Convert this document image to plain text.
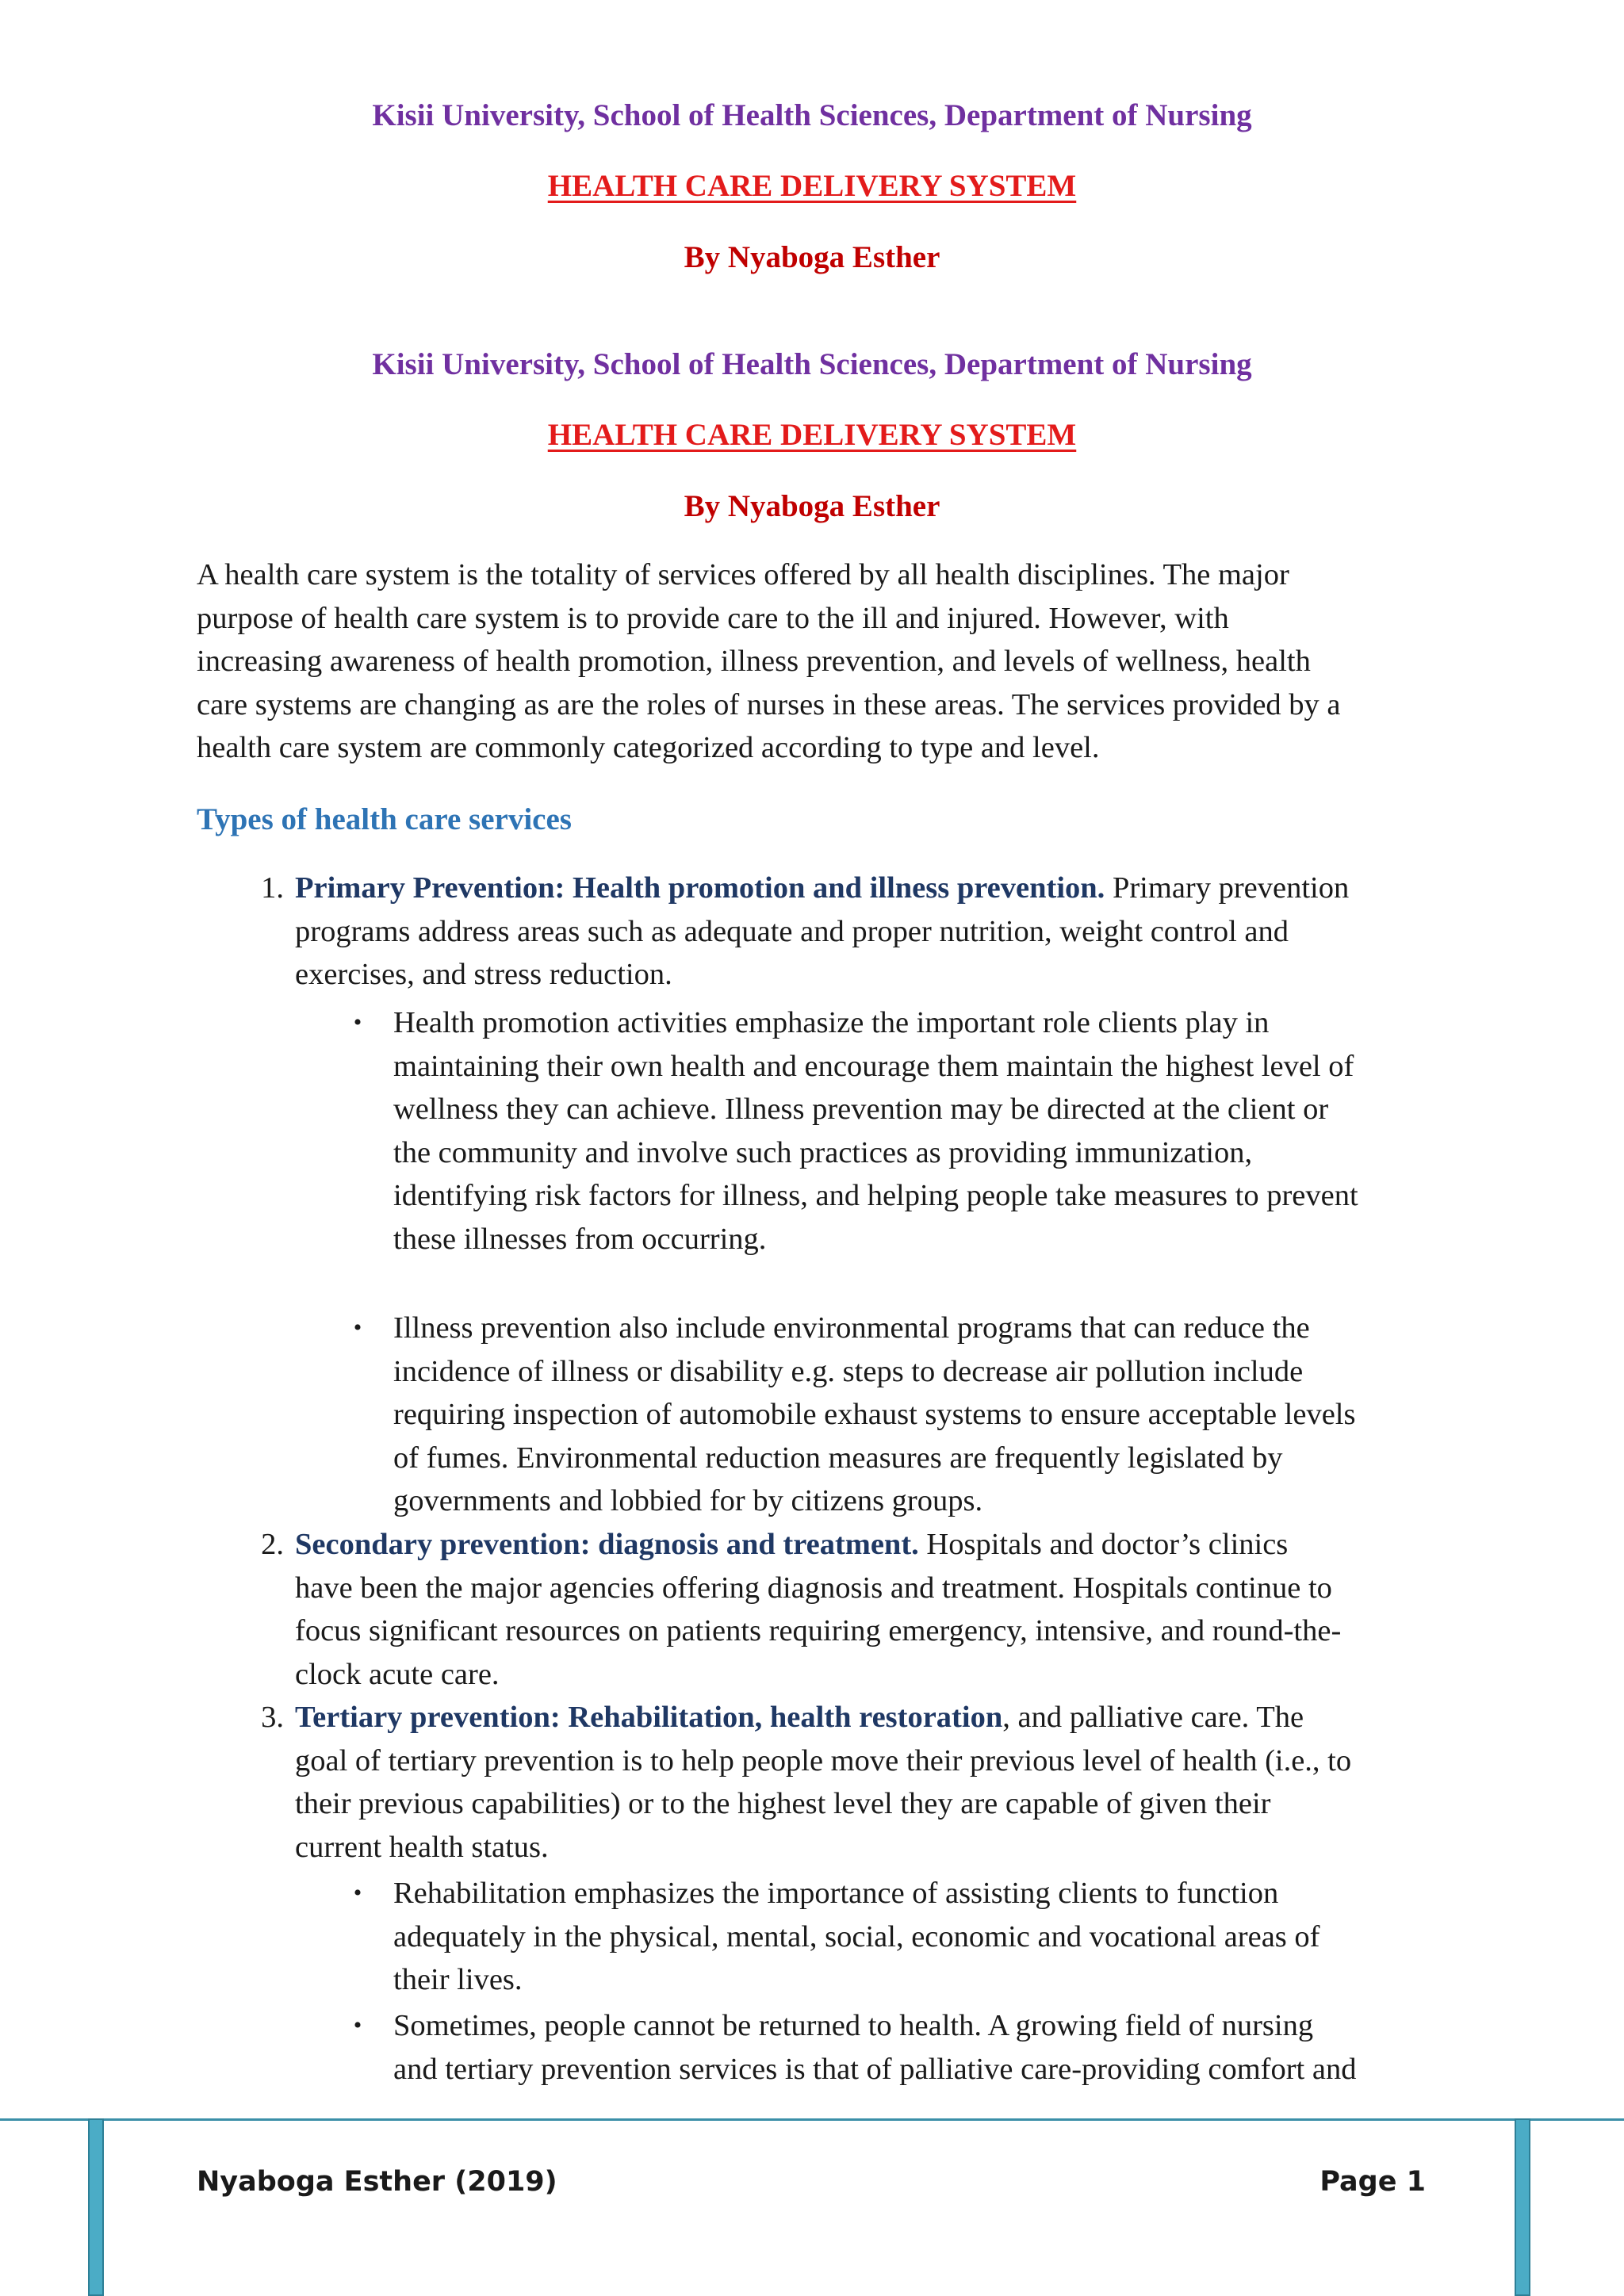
Kisii University, School of Health Sciences, Department of Nursing
HEALTH CARE DELIVERY SYSTEM
By Nyaboga Esther
Kisii University, School of Health Sciences, Department of Nursing
HEALTH CARE DELIVERY SYSTEM
By Nyaboga Esther
A health care system is the totality of services offered by all health disciplines. The major
purpose of health care system is to provide care to the ill and injured. However, with
increasing awareness of health promotion, illness prevention, and levels of wellness, health
care systems are changing as are the roles of nurses in these areas. The services provided by a
health care system are commonly categorized according to type and level.
Types of health care services
1. Primary Prevention: Health promotion and illness prevention. Primary prevention
programs address areas such as adequate and proper nutrition, weight control and
exercises, and stress reduction.
• Health promotion activities emphasize the important role clients play in
maintaining their own health and encourage them maintain the highest level of
wellness they can achieve. Illness prevention may be directed at the client or
the community and involve such practices as providing immunization,
identifying risk factors for illness, and helping people take measures to prevent
these illnesses from occurring.
• Illness prevention also include environmental programs that can reduce the
incidence of illness or disability e.g. steps to decrease air pollution include
requiring inspection of automobile exhaust systems to ensure acceptable levels
of fumes. Environmental reduction measures are frequently legislated by
governments and lobbied for by citizens groups.
2. Secondary prevention: diagnosis and treatment. Hospitals and doctor’s clinics
have been the major agencies offering diagnosis and treatment. Hospitals continue to
focus significant resources on patients requiring emergency, intensive, and round-the-
clock acute care.
3. Tertiary prevention: Rehabilitation, health restoration, and palliative care. The
goal of tertiary prevention is to help people move their previous level of health (i.e., to
their previous capabilities) or to the highest level they are capable of given their
current health status.
• Rehabilitation emphasizes the importance of assisting clients to function
adequately in the physical, mental, social, economic and vocational areas of
their lives.
• Sometimes, people cannot be returned to health. A growing field of nursing
and tertiary prevention services is that of palliative care-providing comfort and
Nyaboga Esther (2019)	Page 1
